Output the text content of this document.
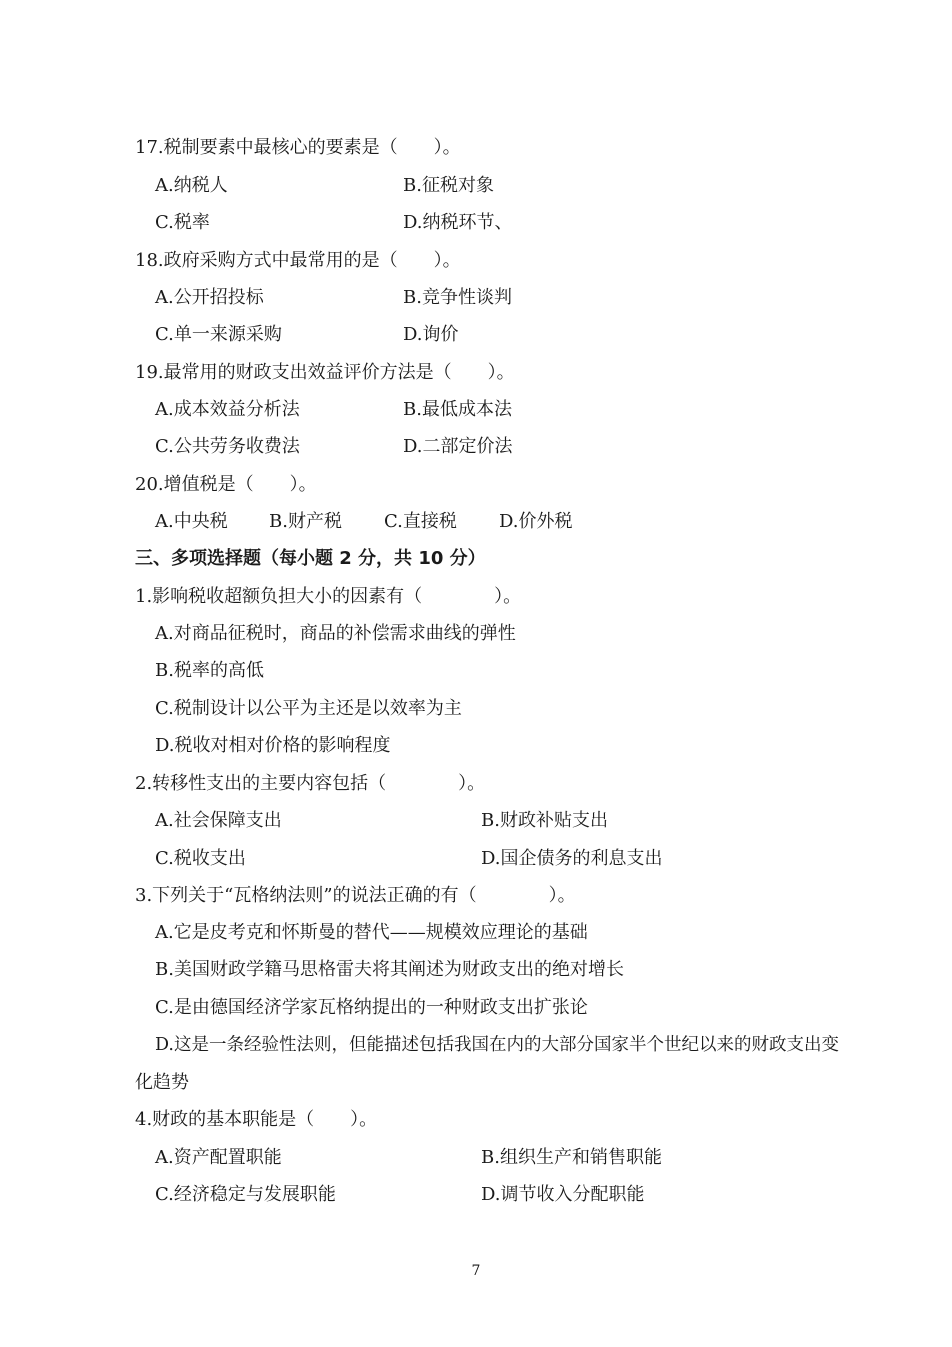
17.税制要素中最核心的要素是（　　）。
A.纳税人	B.征税对象
C.税率	D.纳税环节、
18.政府采购方式中最常用的是（　　）。
A.公开招投标	B.竞争性谈判
C.单一来源采购	D.询价
19.最常用的财政支出效益评价方法是（　　）。
A.成本效益分析法	B.最低成本法
C.公共劳务收费法	D.二部定价法
20.增值税是（　　）。
A.中央税 B.财产税 C.直接税 D.价外税
三、多项选择题（每小题 2 分，共 10 分）
1.影响税收超额负担大小的因素有（　　　　）。
A.对商品征税时，商品的补偿需求曲线的弹性
B.税率的高低
C.税制设计以公平为主还是以效率为主
D.税收对相对价格的影响程度
2.转移性支出的主要内容包括（　　　　）。
A.社会保障支出	B.财政补贴支出
C.税收支出	D.国企债务的利息支出
3.下列关于“瓦格纳法则”的说法正确的有（　　　　）。
A.它是皮考克和怀斯曼的替代——规模效应理论的基础
B.美国财政学籍马思格雷夫将其阐述为财政支出的绝对增长
C.是由德国经济学家瓦格纳提出的一种财政支出扩张论
D.这是一条经验性法则，但能描述包括我国在内的大部分国家半个世纪以来的财政支出变
化趋势
4.财政的基本职能是（　　）。
A.资产配置职能	B.组织生产和销售职能
C.经济稳定与发展职能	D.调节收入分配职能
7
